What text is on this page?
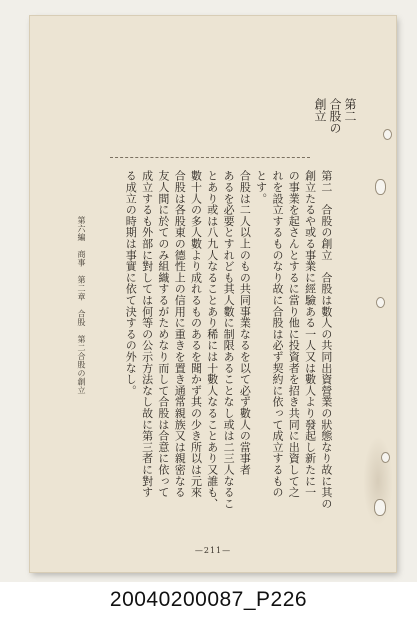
第二
合股の
創立

第二　合股の創立　合股は數人の共同出資營業の狀態なり故に其の

創立たるや或る事業に經驗ある一人又は數人より發起し新たに一

の事業を起さんとするに當り他に投資者を招き共同に出資して之

れを設立するものなり故に合股は必ず契約に依って成立するもの

とす。

合股は二人以上のもの共同事業なるを以て必ず數人の當事者

あるを必要とすれども其人數に制限あることなし或は二三人なるこ

とあり或は八九人なることあり稀には十數人なることあり又誰も、

數十人の多人數より成れるものあるを聞かず其の少き所以は元來

合股は各股東の德性上の信用に重きを置き通常親族又は親密なる

友人間に於てのみ組織するがためなり而して合股は合意に依って

成立するも外部に對しては何等の公示方法なし故に第三者に對す

る成立の時期は事實に依て決するの外なし。

第六編　商事　第二章　合股　第二合股の創立
—211—
20040200087_P226
